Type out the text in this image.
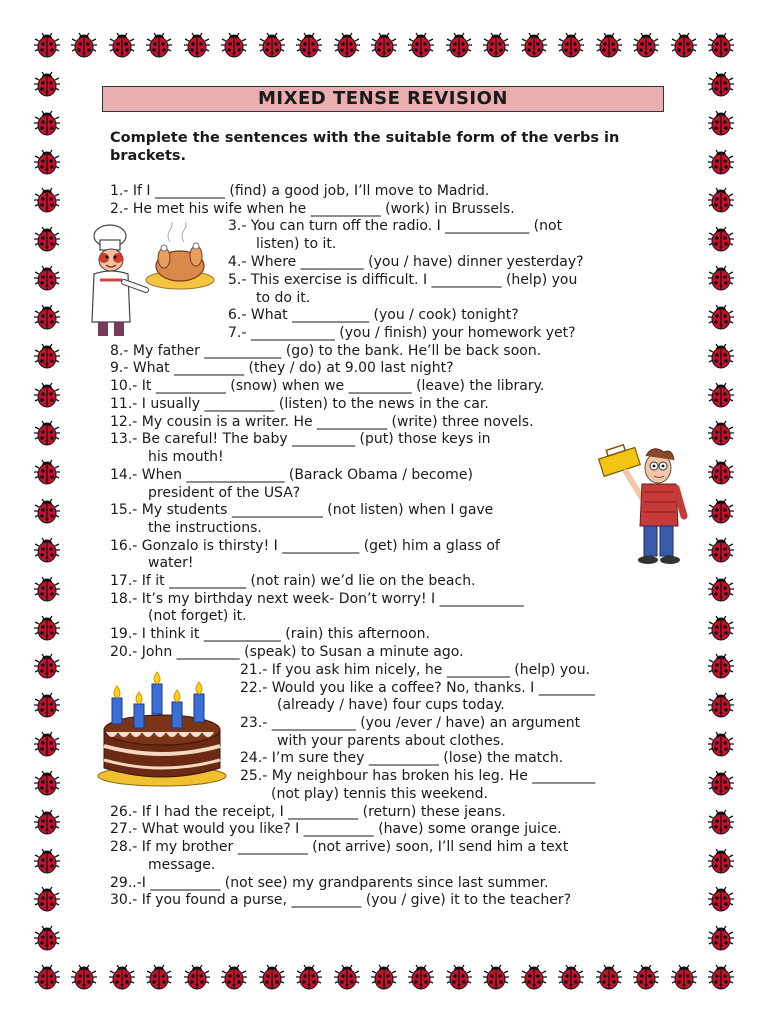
MIXED TENSE REVISION
Complete the sentences with the suitable form of the verbs in brackets.
1.- If I __________ (find) a good job, I’ll move to Madrid.
2.- He met his wife when he __________ (work) in Brussels.
3.- You can turn off the radio. I ____________ (not
listen) to it.
4.- Where _________ (you / have) dinner yesterday?
5.- This exercise is difficult. I __________ (help) you
to do it.
6.- What ___________ (you / cook) tonight?
7.- ____________ (you / finish) your homework yet?
8.- My father ___________ (go) to the bank. He’ll be back soon.
9.- What __________ (they / do) at 9.00 last night?
10.- It __________ (snow) when we _________ (leave) the library.
11.- I usually __________ (listen) to the news in the car.
12.- My cousin is a writer. He __________ (write) three novels.
13.- Be careful! The baby _________ (put) those keys in
his mouth!
14.- When ______________ (Barack Obama / become)
president of the USA?
15.- My students _____________ (not listen) when I gave
the instructions.
16.- Gonzalo is thirsty! I ___________ (get) him a glass of
water!
17.- If it ___________ (not rain) we’d lie on the beach.
18.- It’s my birthday next week- Don’t worry! I ____________
(not forget) it.
19.- I think it ___________ (rain) this afternoon.
20.- John _________ (speak) to Susan a minute ago.
21.- If you ask him nicely, he _________ (help) you.
22.- Would you like a coffee? No, thanks. I ________
(already / have) four cups today.
23.- ____________ (you /ever / have) an argument
with your parents about clothes.
24.- I’m sure they __________ (lose) the match.
25.- My neighbour has broken his leg. He _________
(not play) tennis this weekend.
26.- If I had the receipt, I __________ (return) these jeans.
27.- What would you like? I __________ (have) some orange juice.
28.- If my brother __________ (not arrive) soon, I’ll send him a text
message.
29..-I __________ (not see) my grandparents since last summer.
30.- If you found a purse, __________ (you / give) it to the teacher?
